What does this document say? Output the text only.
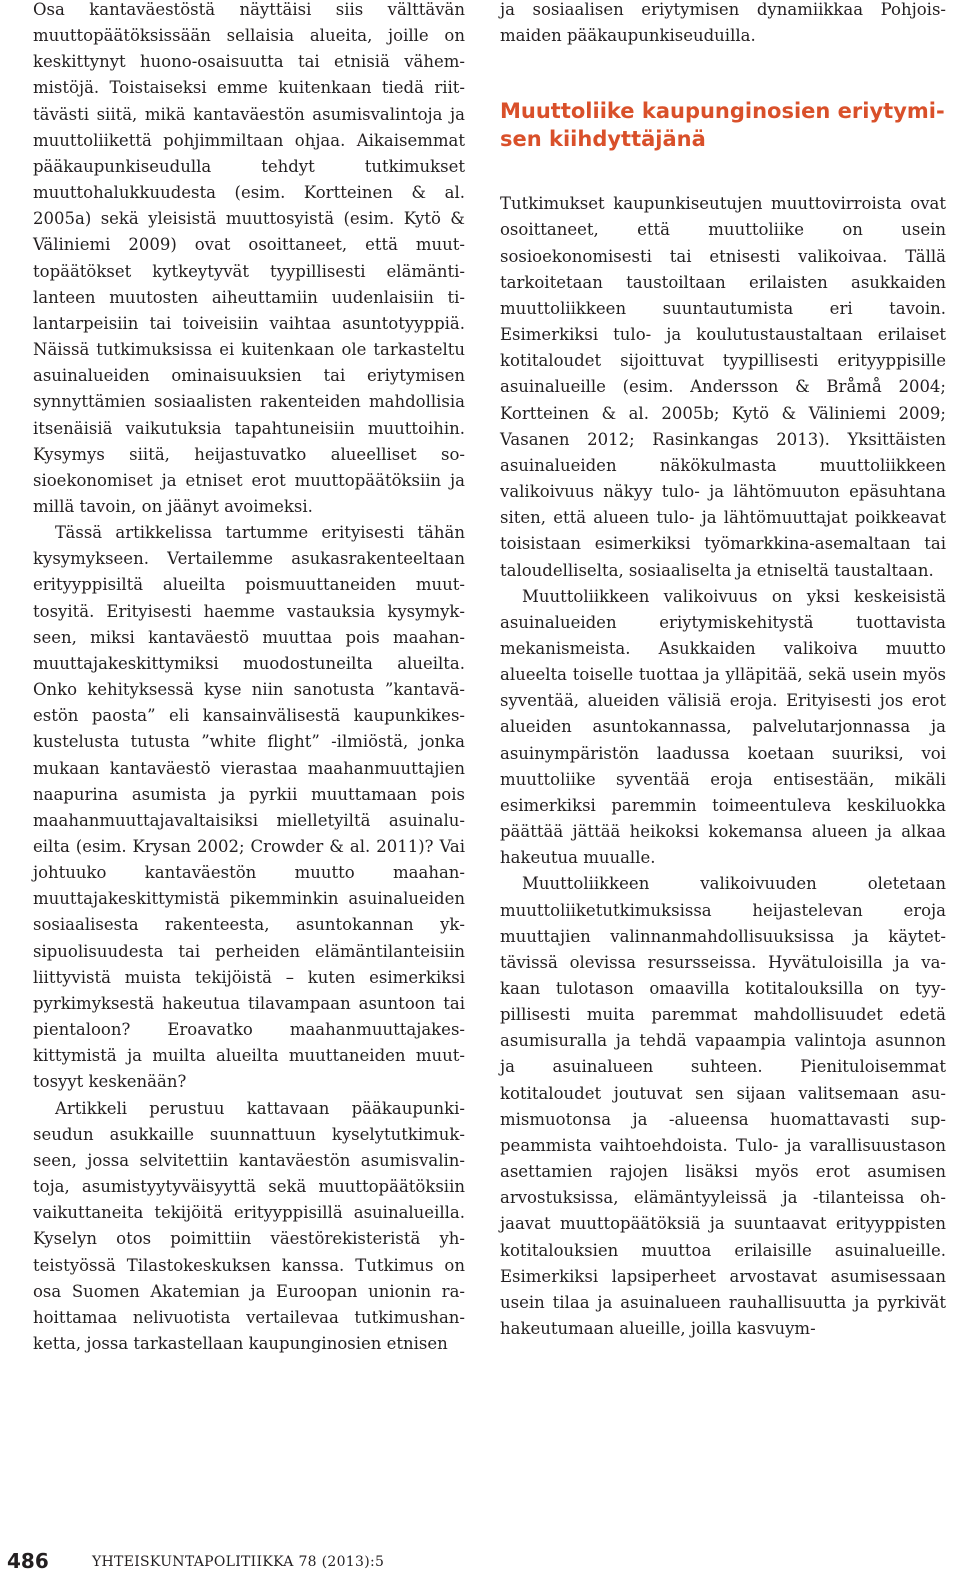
Osa kantaväestöstä näyttäisi siis välttävän muuttopäätöksissään sellaisia alueita, joille on keskittynyt huono-osaisuutta tai etnisiä vähemmistöjä. Toistaiseksi emme kuitenkaan tiedä riittävästi siitä, mikä kantaväestön asumisvalintoja ja muuttoliikettä pohjimmiltaan ohjaa. Aikaisemmat pääkaupunkiseudulla tehdyt tutkimukset muuttohalukkuudesta (esim. Kortteinen & al. 2005a) sekä yleisistä muuttosyistä (esim. Kytö & Väliniemi 2009) ovat osoittaneet, että muuttopäätökset kytkeytyvät tyypillisesti elämäntilanteen muutosten aiheuttamiin uudenlaisiin tilantarpeisiin tai toiveisiin vaihtaa asuntotyyppiä. Näissä tutkimuksissa ei kuitenkaan ole tarkasteltu asuinalueiden ominaisuuksien tai eriytymisen synnyttämien sosiaalisten rakenteiden mahdollisia itsenäisiä vaikutuksia tapahtuneisiin muuttoihin. Kysymys siitä, heijastuvatko alueelliset sosioekonomiset ja etniset erot muuttopäätöksiin ja millä tavoin, on jäänyt avoimeksi.

Tässä artikkelissa tartumme erityisesti tähän kysymykseen. Vertailemme asukasrakenteeltaan erityyppisiltä alueilta poismuuttaneiden muuttosyitä. Erityisesti haemme vastauksia kysymykseen, miksi kantaväestö muuttaa pois maahanmuuttajakeskittymiksi muodostuneilta alueilta. Onko kehityksessä kyse niin sanotusta ”kantaväestön paosta” eli kansainvälisestä kaupunkikeskustelusta tutusta ”white flight” -ilmiöstä, jonka mukaan kantaväestö vierastaa maahanmuuttajien naapurina asumista ja pyrkii muuttamaan pois maahanmuuttajavaltaisiksi mielletyiltä asuinalueilta (esim. Krysan 2002; Crowder & al. 2011)? Vai johtuuko kantaväestön muutto maahanmuuttajakeskittymistä pikemminkin asuinalueiden sosiaalisesta rakenteesta, asuntokannan yksipuolisuudesta tai perheiden elämäntilanteisiin liittyvistä muista tekijöistä – kuten esimerkiksi pyrkimyksestä hakeutua tilavampaan asuntoon tai pientaloon? Eroavatko maahanmuuttajakeskittymistä ja muilta alueilta muuttaneiden muuttosyyt keskenään?

Artikkeli perustuu kattavaan pääkaupunkiseudun asukkaille suunnattuun kyselytutkimukseen, jossa selvitettiin kantaväestön asumisvalintoja, asumistyytyväisyyttä sekä muuttopäätöksiin vaikuttaneita tekijöitä erityyppisillä asuinalueilla. Kyselyn otos poimittiin väestörekisteristä yhteistyössä Tilastokeskuksen kanssa. Tutkimus on osa Suomen Akatemian ja Euroopan unionin rahoittamaa nelivuotista vertailevaa tutkimushanketta, jossa tarkastellaan kaupunginosien etnisen

ja sosiaalisen eriytymisen dynamiikkaa Pohjoismaiden pääkaupunkiseuduilla.

Muuttoliike kaupunginosien eriytymisen kiihdyttäjänä

Tutkimukset kaupunkiseutujen muuttovirroista ovat osoittaneet, että muuttoliike on usein sosioekonomisesti tai etnisesti valikoivaa. Tällä tarkoitetaan taustoiltaan erilaisten asukkaiden muuttoliikkeen suuntautumista eri tavoin. Esimerkiksi tulo- ja koulutustaustaltaan erilaiset kotitaloudet sijoittuvat tyypillisesti erityyppisille asuinalueille (esim. Andersson & Bråmå 2004; Kortteinen & al. 2005b; Kytö & Väliniemi 2009; Vasanen 2012; Rasinkangas 2013). Yksittäisten asuinalueiden näkökulmasta muuttoliikkeen valikoivuus näkyy tulo- ja lähtömuuton epäsuhtana siten, että alueen tulo- ja lähtömuuttajat poikkeavat toisistaan esimerkiksi työmarkkina-asemaltaan tai taloudelliselta, sosiaaliselta ja etniseltä taustaltaan.

Muuttoliikkeen valikoivuus on yksi keskeisistä asuinalueiden eriytymiskehitystä tuottavista mekanismeista. Asukkaiden valikoiva muutto alueelta toiselle tuottaa ja ylläpitää, sekä usein myös syventää, alueiden välisiä eroja. Erityisesti jos erot alueiden asuntokannassa, palvelutarjonnassa ja asuinympäristön laadussa koetaan suuriksi, voi muuttoliike syventää eroja entisestään, mikäli esimerkiksi paremmin toimeentuleva keskiluokka päättää jättää heikoksi kokemansa alueen ja alkaa hakeutua muualle.

Muuttoliikkeen valikoivuuden oletetaan muuttoliiketutkimuksissa heijastelevan eroja muuttajien valinnanmahdollisuuksissa ja käytettävissä olevissa resursseissa. Hyvätuloisilla ja vakaan tulotason omaavilla kotitalouksilla on tyypillisesti muita paremmat mahdollisuudet edetä asumisuralla ja tehdä vapaampia valintoja asunnon ja asuinalueen suhteen. Pienituloisemmat kotitaloudet joutuvat sen sijaan valitsemaan asumismuotonsa ja -alueensa huomattavasti suppeammista vaihtoehdoista. Tulo- ja varallisuustason asettamien rajojen lisäksi myös erot asumisen arvostuksissa, elämäntyyleissä ja -tilanteissa ohjaavat muuttopäätöksiä ja suuntaavat erityyppisten kotitalouksien muuttoa erilaisille asuinalueille. Esimerkiksi lapsiperheet arvostavat asumisessaan usein tilaa ja asuinalueen rauhallisuutta ja pyrkivät hakeutumaan alueille, joilla kasvuym-

486	YHTEISKUNTAPOLITIIKKA 78 (2013):5
